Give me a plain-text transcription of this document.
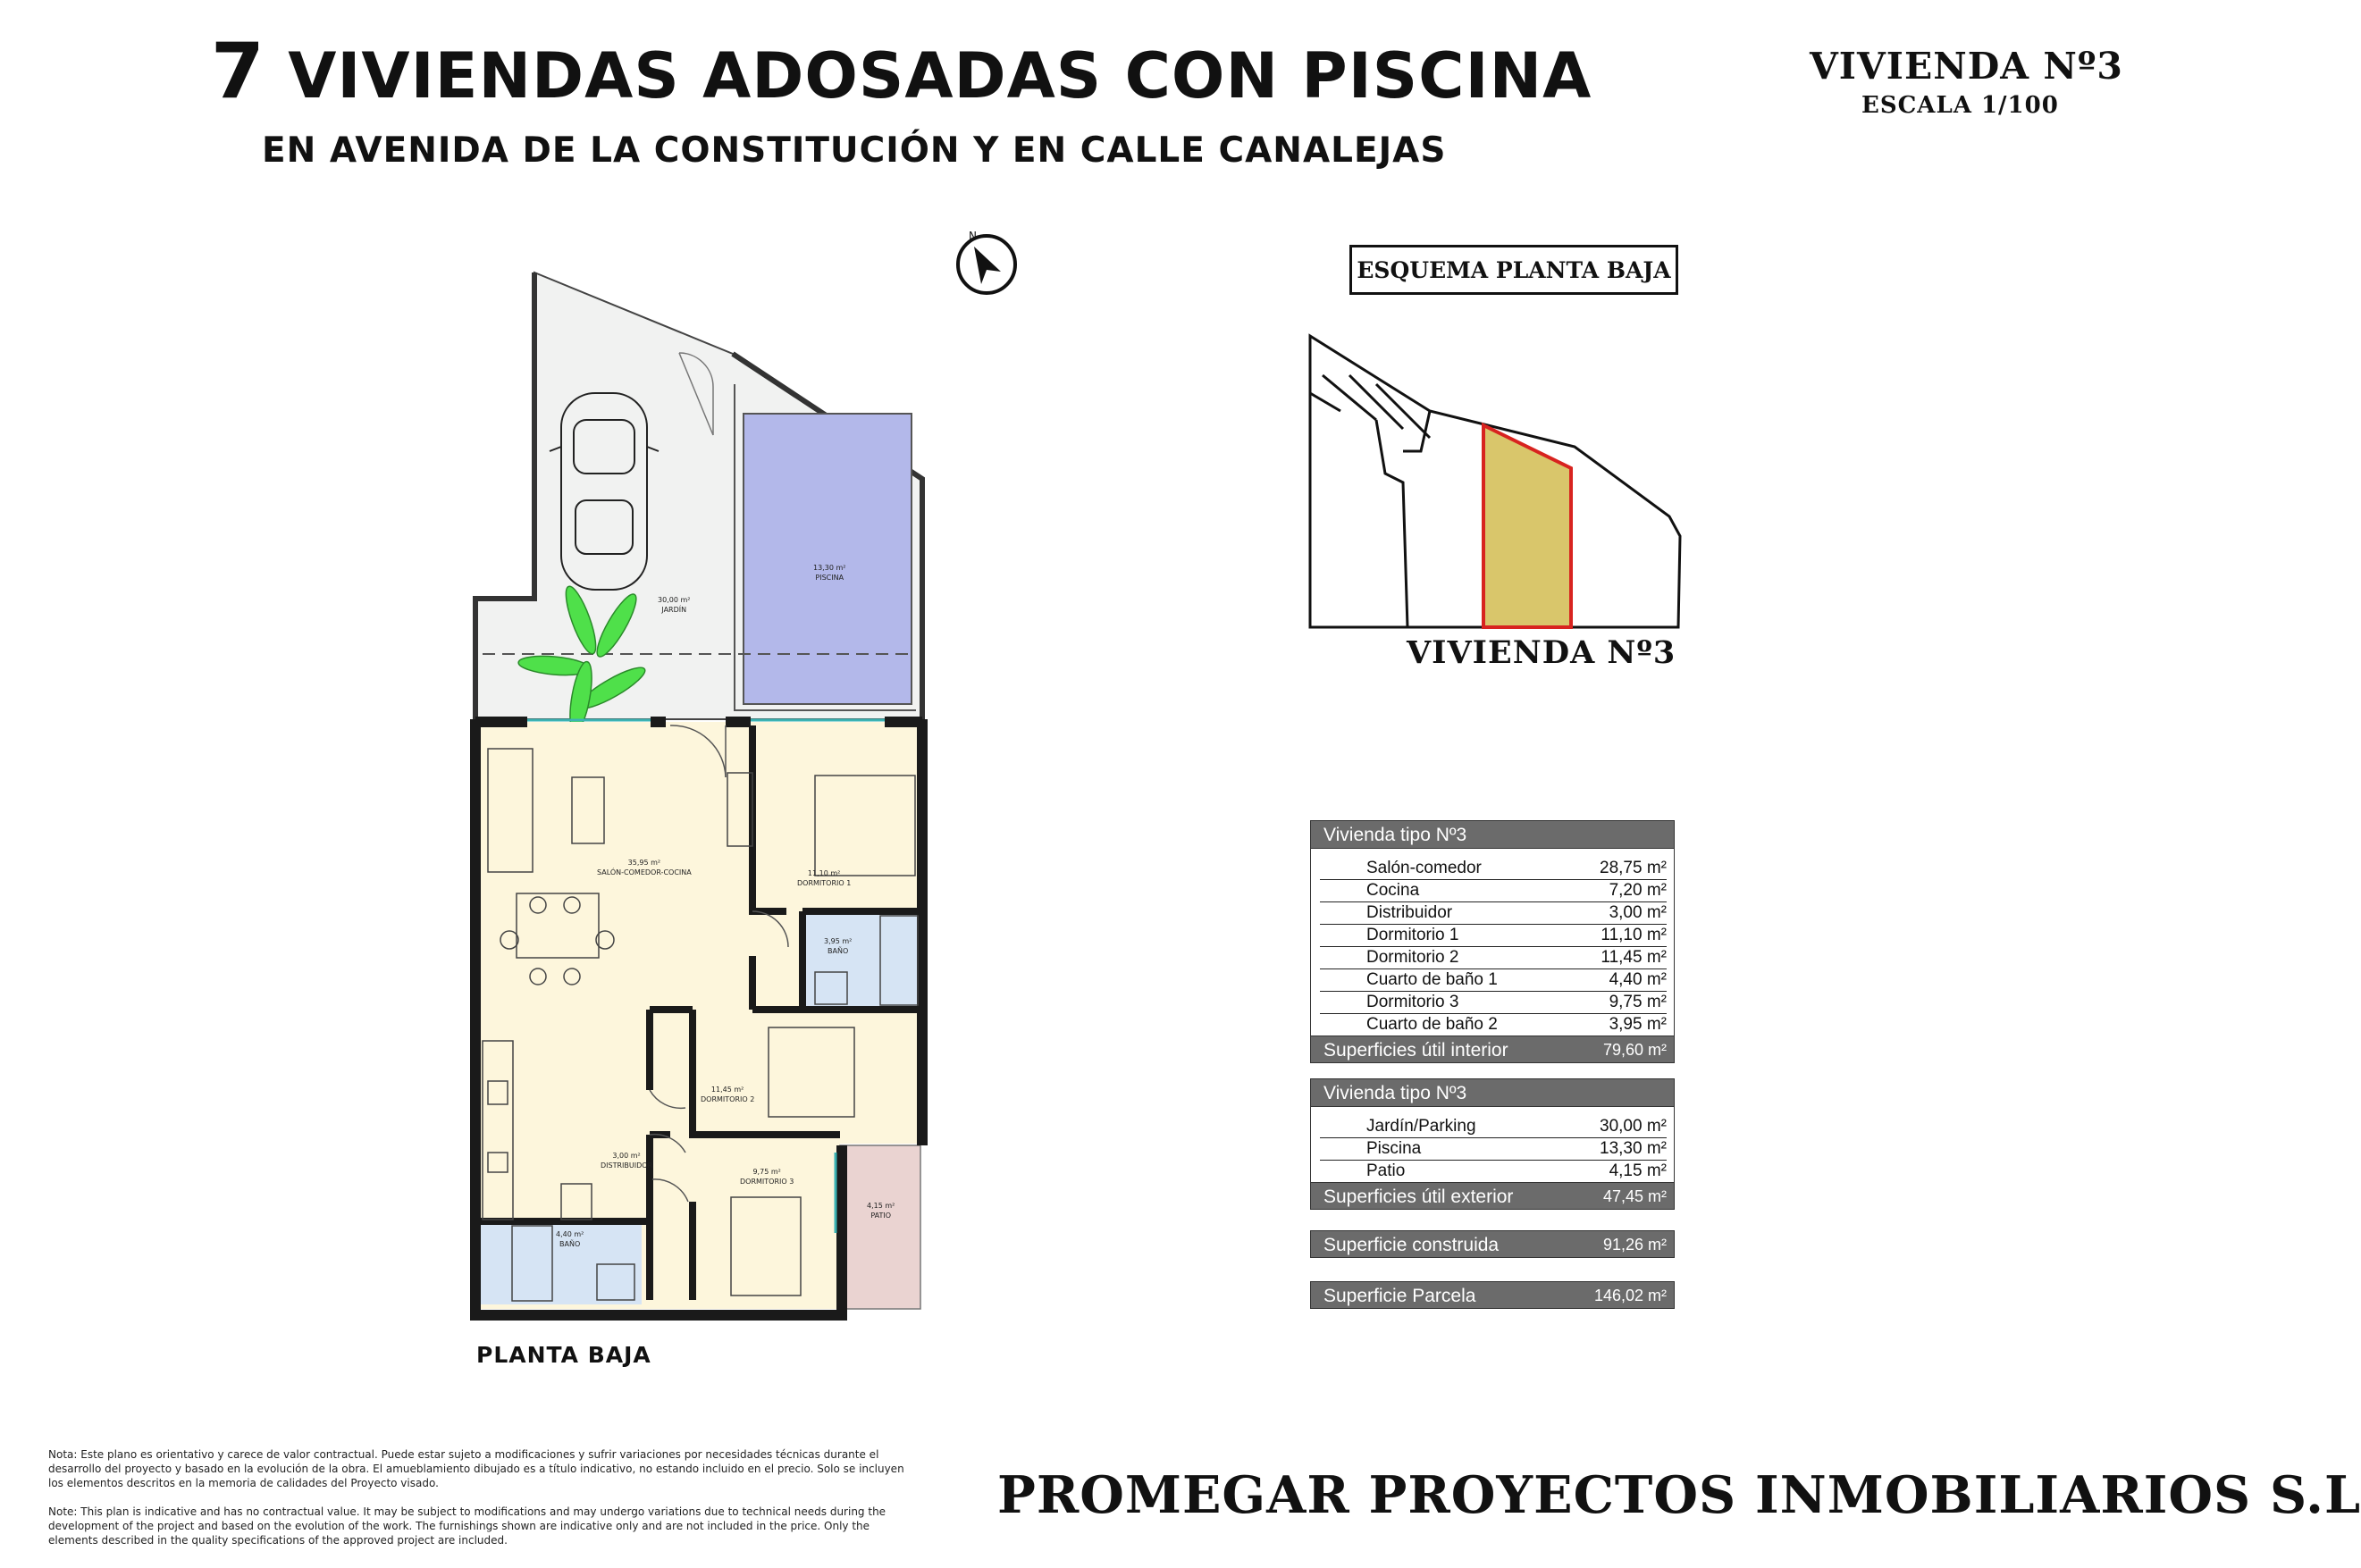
7 VIVIENDAS ADOSADAS CON PISCINA
EN AVENIDA DE LA CONSTITUCIÓN Y EN CALLE CANALEJAS
VIVIENDA Nº3
ESCALA 1/100
N
30,00 m²
JARDÍN
13,30 m²
PISCINA
35,95 m²
SALÓN-COMEDOR-COCINA	11,10 m²
DORMITORIO 1
3,95 m²
BAÑO
11,45 m²
DORMITORIO 2
3,00 m²
DISTRIBUIDOR
9,75 m²
DORMITORIO 3
4,15 m²
PATIO
4,40 m²
BAÑO
PLANTA BAJA
ESQUEMA PLANTA BAJA
VIVIENDA Nº3
Vivienda tipo Nº3
Salón-comedor	28,75 m²
Cocina	7,20 m²
Distribuidor	3,00 m²
Dormitorio 1	11,10 m²
Dormitorio 2	11,45 m²
Cuarto de baño 1	4,40 m²
Dormitorio 3	9,75 m²
Cuarto de baño 2	3,95 m²
Superficies útil interior	79,60 m²
Vivienda tipo Nº3
Jardín/Parking	30,00 m²
Piscina	13,30 m²
Patio	4,15 m²
Superficies útil exterior	47,45 m²
Superficie construida	91,26 m²
Superficie Parcela	146,02 m²
Nota: Este plano es orientativo y carece de valor contractual. Puede estar sujeto a modificaciones y sufrir variaciones por necesidades técnicas durante el desarrollo del proyecto y basado en la evolución de la obra. El amueblamiento dibujado es a título indicativo, no estando incluido en el precio. Solo se incluyen los elementos descritos en la memoria de calidades del Proyecto visado.
Note: This plan is indicative and has no contractual value. It may be subject to modifications and may undergo variations due to technical needs during the development of the project and based on the evolution of the work. The furnishings shown are indicative only and are not included in the price. Only the elements described in the quality specifications of the approved project are included.
PROMEGAR PROYECTOS INMOBILIARIOS S.L
